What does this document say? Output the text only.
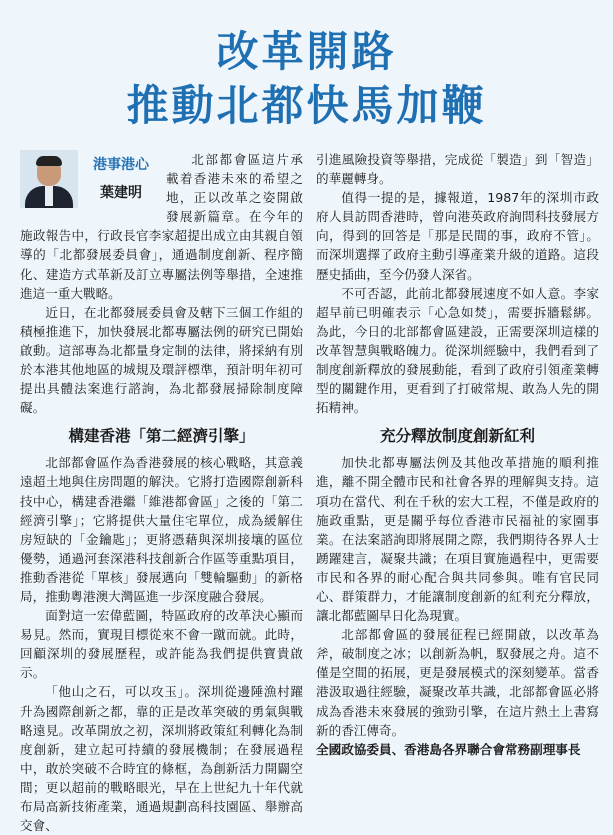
改革開路
推動北都快馬加鞭
港事港心
葉建明

北部都會區這片承載着香港未來的希望之地，正以改革之姿開啟發展新篇章。在今年的施政報告中，行政長官李家超提出成立由其親自領導的「北都發展委員會」，通過制度創新、程序簡化、建造方式革新及訂立專屬法例等舉措，全速推進這一重大戰略。

近日，在北都發展委員會及轄下三個工作組的積極推進下，加快發展北都專屬法例的研究已開始啟動。這部專為北都量身定制的法律，將採納有別於本港其他地區的城規及環評標準，預計明年初可提出具體法案進行諮詢，為北都發展掃除制度障礙。

構建香港「第二經濟引擎」

北部都會區作為香港發展的核心戰略，其意義遠超土地與住房問題的解決。它將打造國際創新科技中心，構建香港繼「維港都會區」之後的「第二經濟引擎」；它將提供大量住宅單位，成為緩解住房短缺的「金鑰匙」；更將憑藉與深圳接壤的區位優勢，通過河套深港科技創新合作區等重點項目，推動香港從「單核」發展邁向「雙輪驅動」的新格局，推動粵港澳大灣區進一步深度融合發展。

面對這一宏偉藍圖，特區政府的改革決心顯而易見。然而，實現目標從來不會一蹴而就。此時，回顧深圳的發展歷程，或許能為我們提供寶貴啟示。

「他山之石，可以攻玉」。深圳從邊陲漁村躍升為國際創新之都，靠的正是改革突破的勇氣與戰略遠見。改革開放之初，深圳將政策紅利轉化為制度創新，建立起可持續的發展機制；在發展過程中，敢於突破不合時宜的條框，為創新活力開闢空間；更以超前的戰略眼光，早在上世紀九十年代就布局高新技術產業，通過規劃高科技園區、舉辦高交會、

引進風險投資等舉措，完成從「製造」到「智造」的華麗轉身。

值得一提的是，據報道，1987年的深圳市政府人員訪問香港時，曾向港英政府詢問科技發展方向，得到的回答是「那是民間的事，政府不管」。而深圳選擇了政府主動引導產業升級的道路。這段歷史插曲，至今仍發人深省。

不可否認，此前北都發展速度不如人意。李家超早前已明確表示「心急如焚」，需要拆牆鬆綁。為此，今日的北部都會區建設，正需要深圳這樣的改革智慧與戰略魄力。從深圳經驗中，我們看到了制度創新釋放的發展動能，看到了政府引領產業轉型的關鍵作用，更看到了打破常規、敢為人先的開拓精神。

充分釋放制度創新紅利

加快北都專屬法例及其他改革措施的順利推進，離不開全體市民和社會各界的理解與支持。這項功在當代、利在千秋的宏大工程，不僅是政府的施政重點，更是關乎每位香港市民福祉的家園事業。在法案諮詢即將展開之際，我們期待各界人士踴躍建言，凝聚共識；在項目實施過程中，更需要市民和各界的耐心配合與共同參與。唯有官民同心、群策群力，才能讓制度創新的紅利充分釋放，讓北都藍圖早日化為現實。

北部都會區的發展征程已經開啟，以改革為斧，破制度之冰；以創新為帆，馭發展之舟。這不僅是空間的拓展，更是發展模式的深刻變革。當香港汲取過往經驗，凝聚改革共識，北部都會區必將成為香港未來發展的強勁引擎，在這片熱土上書寫新的香江傳奇。

全國政協委員、香港島各界聯合會常務副理事長
